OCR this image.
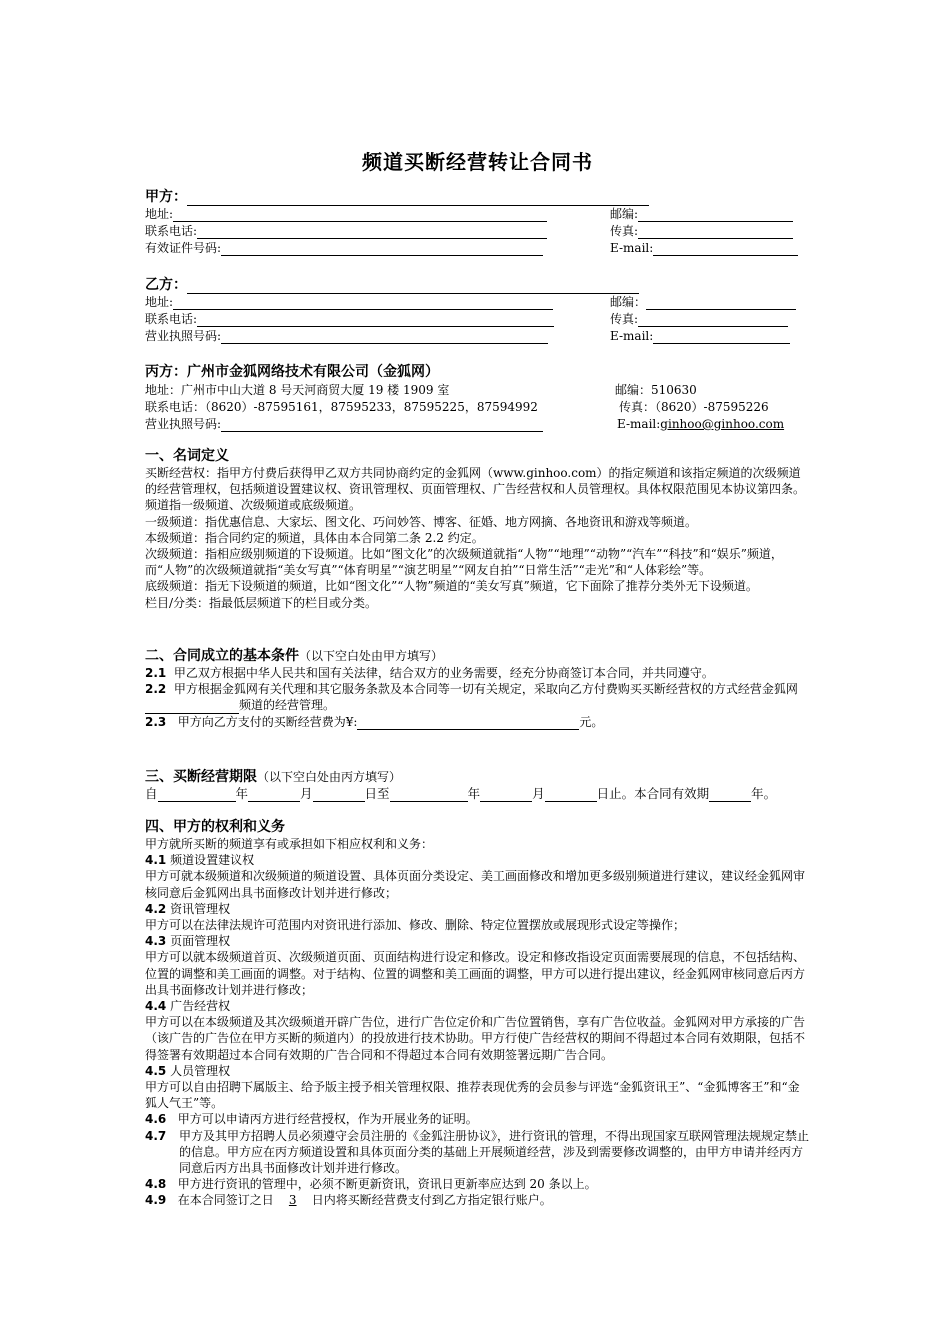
频道买断经营转让合同书
甲方：
地址:	邮编:
联系电话:	传真:
有效证件号码:	E-mail:
乙方：
地址:	邮编：
联系电话:	传真:
营业执照号码:	E-mail:
丙方：广州市金狐网络技术有限公司（金狐网）
地址：广州市中山大道 8 号天河商贸大厦 19 楼 1909 室	邮编：510630
联系电话：（8620）-87595161，87595233，87595225，87594992	传真：（8620）-87595226
营业执照号码:	E-mail:ginhoo@ginhoo.com
一、名词定义
买断经营权：指甲方付费后获得甲乙双方共同协商约定的金狐网（www.ginhoo.com）的指定频道和该指定频道的次级频道的经营管理权，包括频道设置建议权、资讯管理权、页面管理权、广告经营权和人员管理权。具体权限范围见本协议第四条。频道指一级频道、次级频道或底级频道。
一级频道：指优惠信息、大家坛、图文化、巧问妙答、博客、征婚、地方网摘、各地资讯和游戏等频道。
本级频道：指合同约定的频道，具体由本合同第二条 2.2 约定。
次级频道：指相应级别频道的下设频道。比如“图文化”的次级频道就指“人物”“地理”“动物”“汽车”“科技”和“娱乐”频道，而“人物”的次级频道就指“美女写真”“体育明星”“演艺明星”“网友自拍”“日常生活”“走光”和“人体彩绘”等。
底级频道：指无下设频道的频道，比如“图文化”“人物”频道的“美女写真”频道，它下面除了推荐分类外无下设频道。
栏目/分类：指最低层频道下的栏目或分类。
二、合同成立的基本条件（以下空白处由甲方填写）
2.1 甲乙双方根据中华人民共和国有关法律，结合双方的业务需要，经充分协商签订本合同，并共同遵守。
2.2 甲方根据金狐网有关代理和其它服务条款及本合同等一切有关规定，采取向乙方付费购买买断经营权的方式经营金狐网频道的经营管理。
2.3 甲方向乙方支付的买断经营费为¥:	元。
三、买断经营期限（以下空白处由丙方填写）
自	年	月	日至	年	月	日止。本合同有效期	年。
四、甲方的权利和义务
甲方就所买断的频道享有或承担如下相应权利和义务：
4.1 频道设置建议权
甲方可就本级频道和次级频道的频道设置、具体页面分类设定、美工画面修改和增加更多级别频道进行建议，建议经金狐网审核同意后金狐网出具书面修改计划并进行修改；
4.2 资讯管理权
甲方可以在法律法规许可范围内对资讯进行添加、修改、删除、特定位置摆放或展现形式设定等操作；
4.3 页面管理权
甲方可以就本级频道首页、次级频道页面、页面结构进行设定和修改。设定和修改指设定页面需要展现的信息，不包括结构、位置的调整和美工画面的调整。对于结构、位置的调整和美工画面的调整，甲方可以进行提出建议，经金狐网审核同意后丙方出具书面修改计划并进行修改；
4.4 广告经营权
甲方可以在本级频道及其次级频道开辟广告位，进行广告位定价和广告位置销售，享有广告位收益。金狐网对甲方承接的广告（该广告的广告位在甲方买断的频道内）的投放进行技术协助。甲方行使广告经营权的期间不得超过本合同有效期限，包括不得签署有效期超过本合同有效期的广告合同和不得超过本合同有效期签署远期广告合同。
4.5 人员管理权
甲方可以自由招聘下属版主、给予版主授予相关管理权限、推荐表现优秀的会员参与评选“金狐资讯王”、“金狐博客王”和“金狐人气王”等。
4.6 甲方可以申请丙方进行经营授权，作为开展业务的证明。
4.7 甲方及其甲方招聘人员必须遵守会员注册的《金狐注册协议》，进行资讯的管理，不得出现国家互联网管理法规规定禁止的信息。甲方应在丙方频道设置和具体页面分类的基础上开展频道经营，涉及到需要修改调整的，由甲方申请并经丙方同意后丙方出具书面修改计划并进行修改。
4.8 甲方进行资讯的管理中，必须不断更新资讯，资讯日更新率应达到 20 条以上。
4.9 在本合同签订之日 3 日内将买断经营费支付到乙方指定银行账户。
